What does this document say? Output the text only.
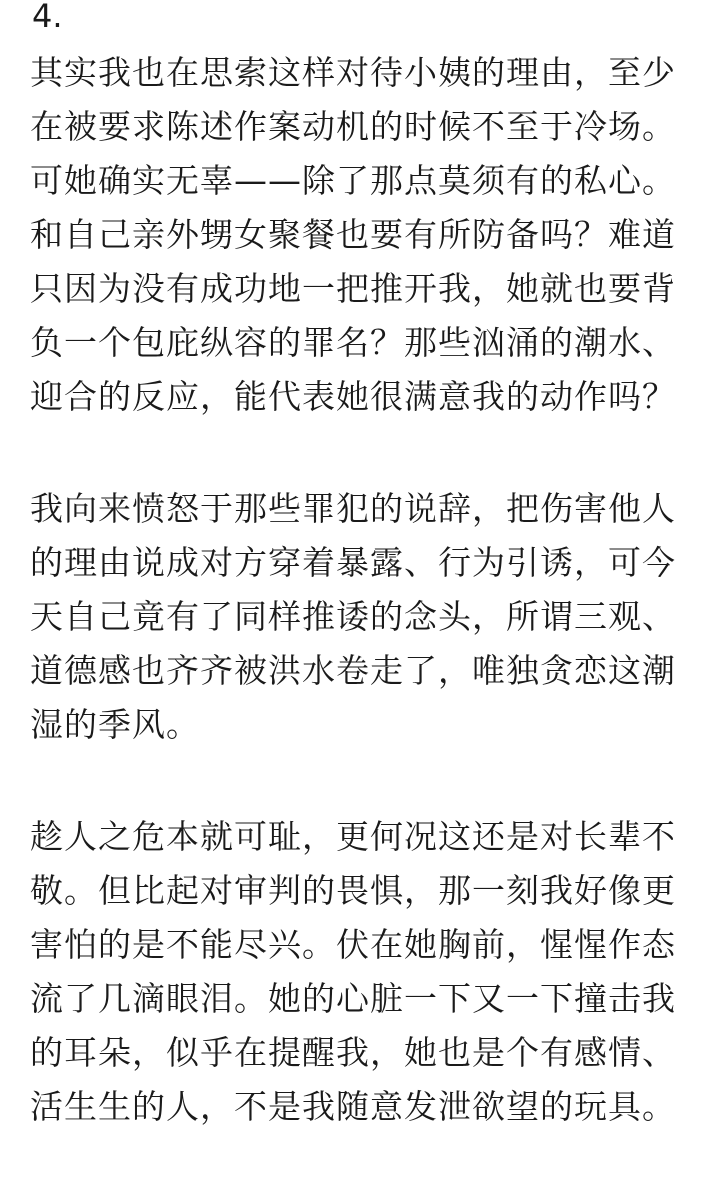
4.
其实我也在思索这样对待小姨的理由，至少
在被要求陈述作案动机的时候不至于冷场。
可她确实无辜——除了那点莫须有的私心。
和自己亲外甥女聚餐也要有所防备吗？难道
只因为没有成功地一把推开我，她就也要背
负一个包庇纵容的罪名？那些汹涌的潮水、
迎合的反应，能代表她很满意我的动作吗？
我向来愤怒于那些罪犯的说辞，把伤害他人
的理由说成对方穿着暴露、行为引诱，可今
天自己竟有了同样推诿的念头，所谓三观、
道德感也齐齐被洪水卷走了，唯独贪恋这潮
湿的季风。
趁人之危本就可耻，更何况这还是对长辈不
敬。但比起对审判的畏惧，那一刻我好像更
害怕的是不能尽兴。伏在她胸前，惺惺作态
流了几滴眼泪。她的心脏一下又一下撞击我
的耳朵，似乎在提醒我，她也是个有感情、
活生生的人，不是我随意发泄欲望的玩具。
